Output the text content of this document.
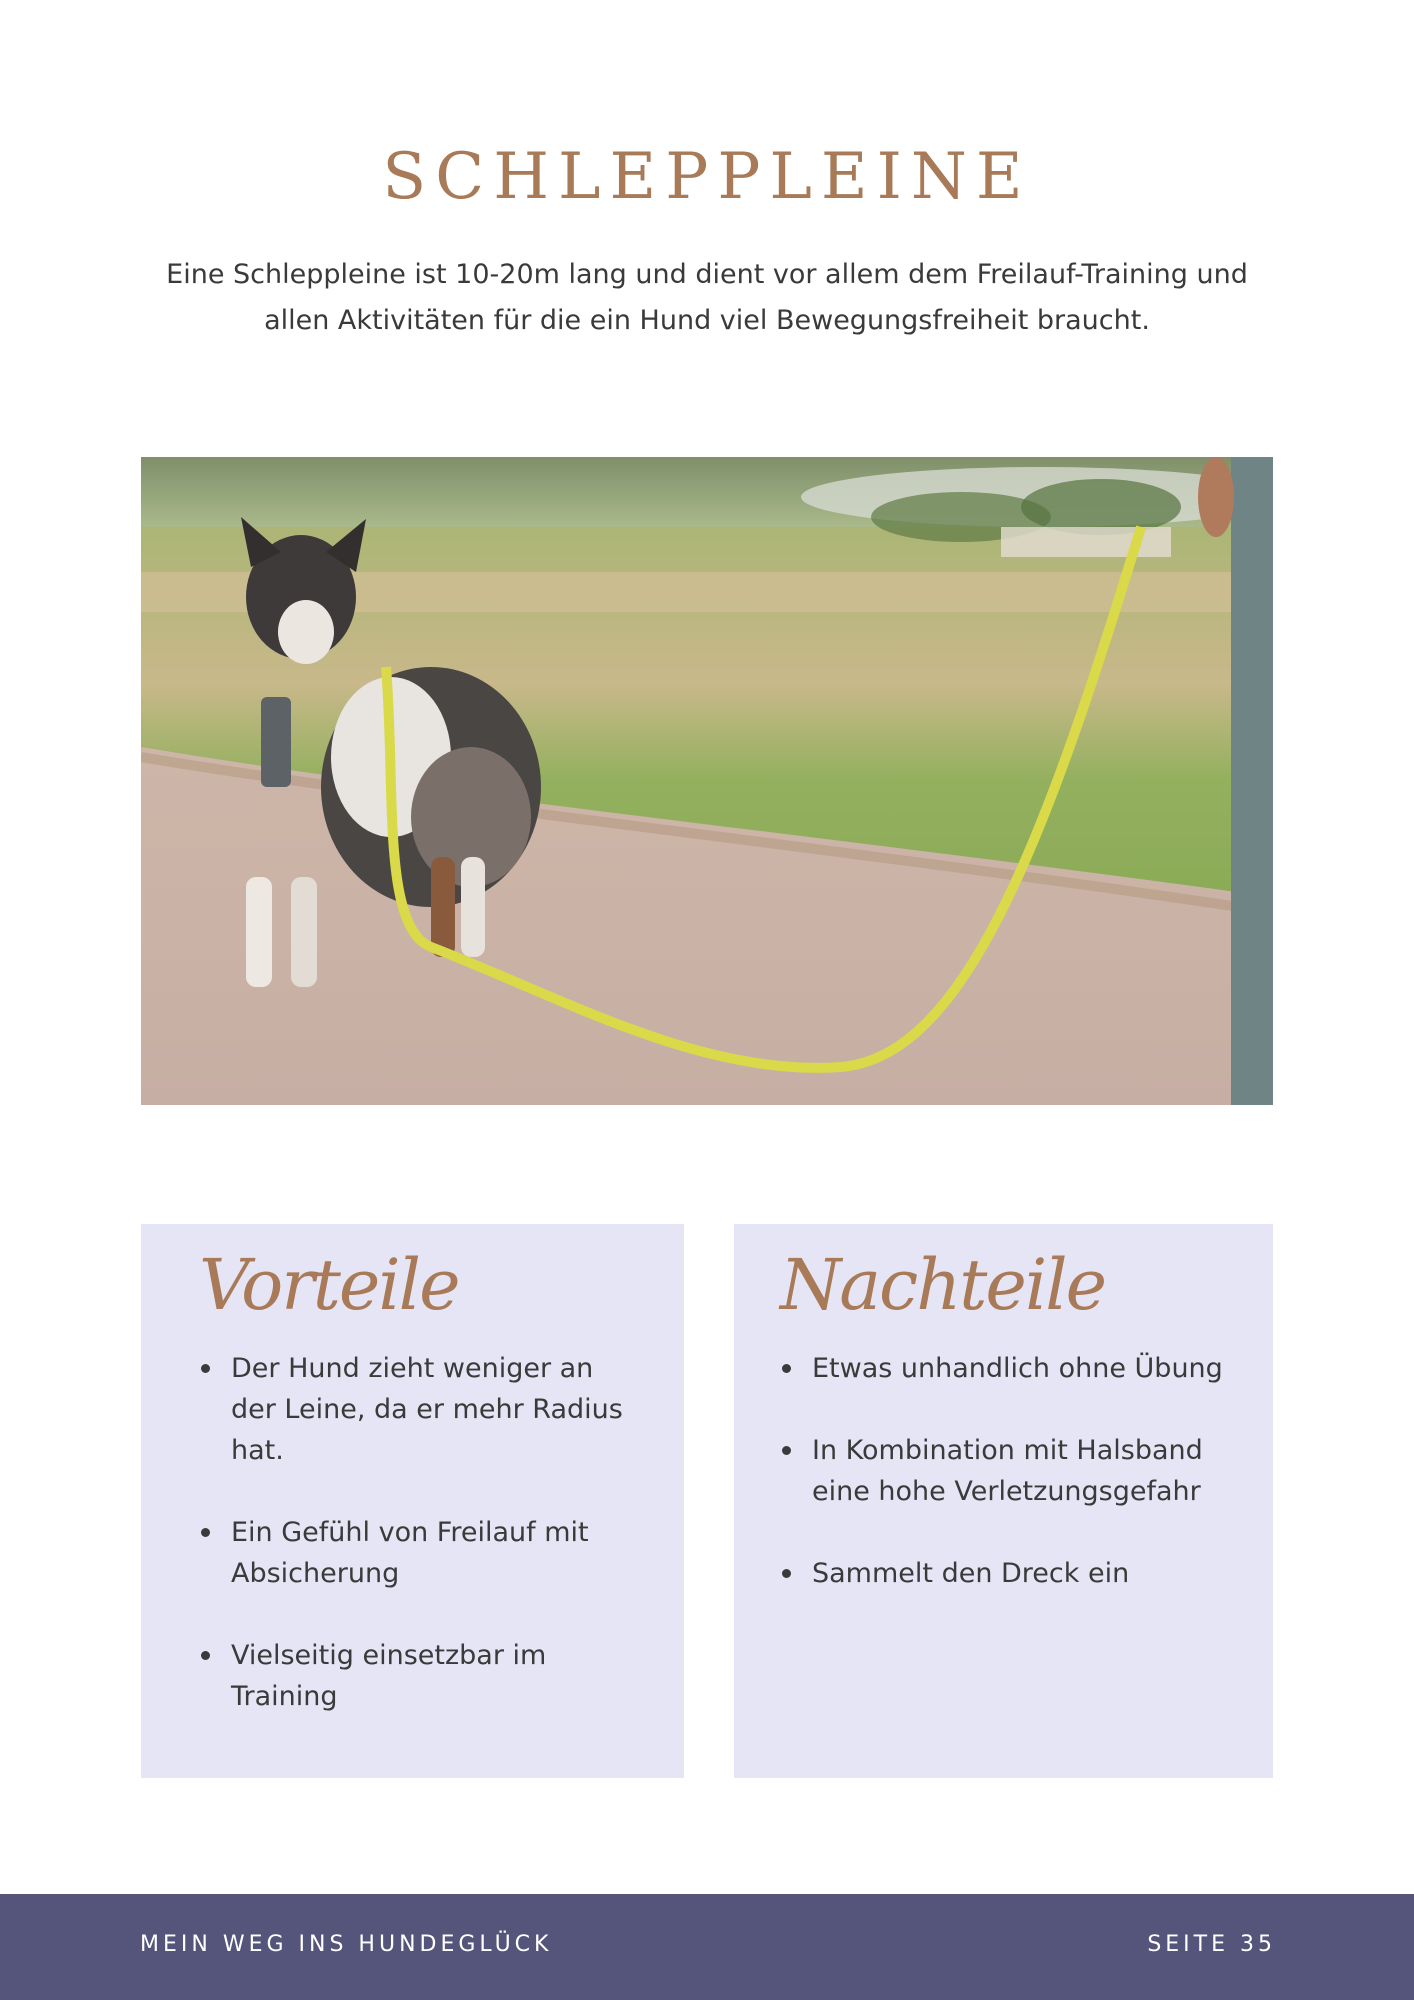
SCHLEPPLEINE

Eine Schleppleine ist 10-20m lang und dient vor allem dem Freilauf-Training und allen Aktivitäten für die ein Hund viel Bewegungsfreiheit braucht.

Vorteile
Der Hund zieht weniger an der Leine, da er mehr Radius hat.
Ein Gefühl von Freilauf mit Absicherung
Vielseitig einsetzbar im Training
Nachteile
Etwas unhandlich ohne Übung
In Kombination mit Halsband eine hohe Verletzungsgefahr
Sammelt den Dreck ein
MEIN WEG INS HUNDEGLÜCK	SEITE 35
